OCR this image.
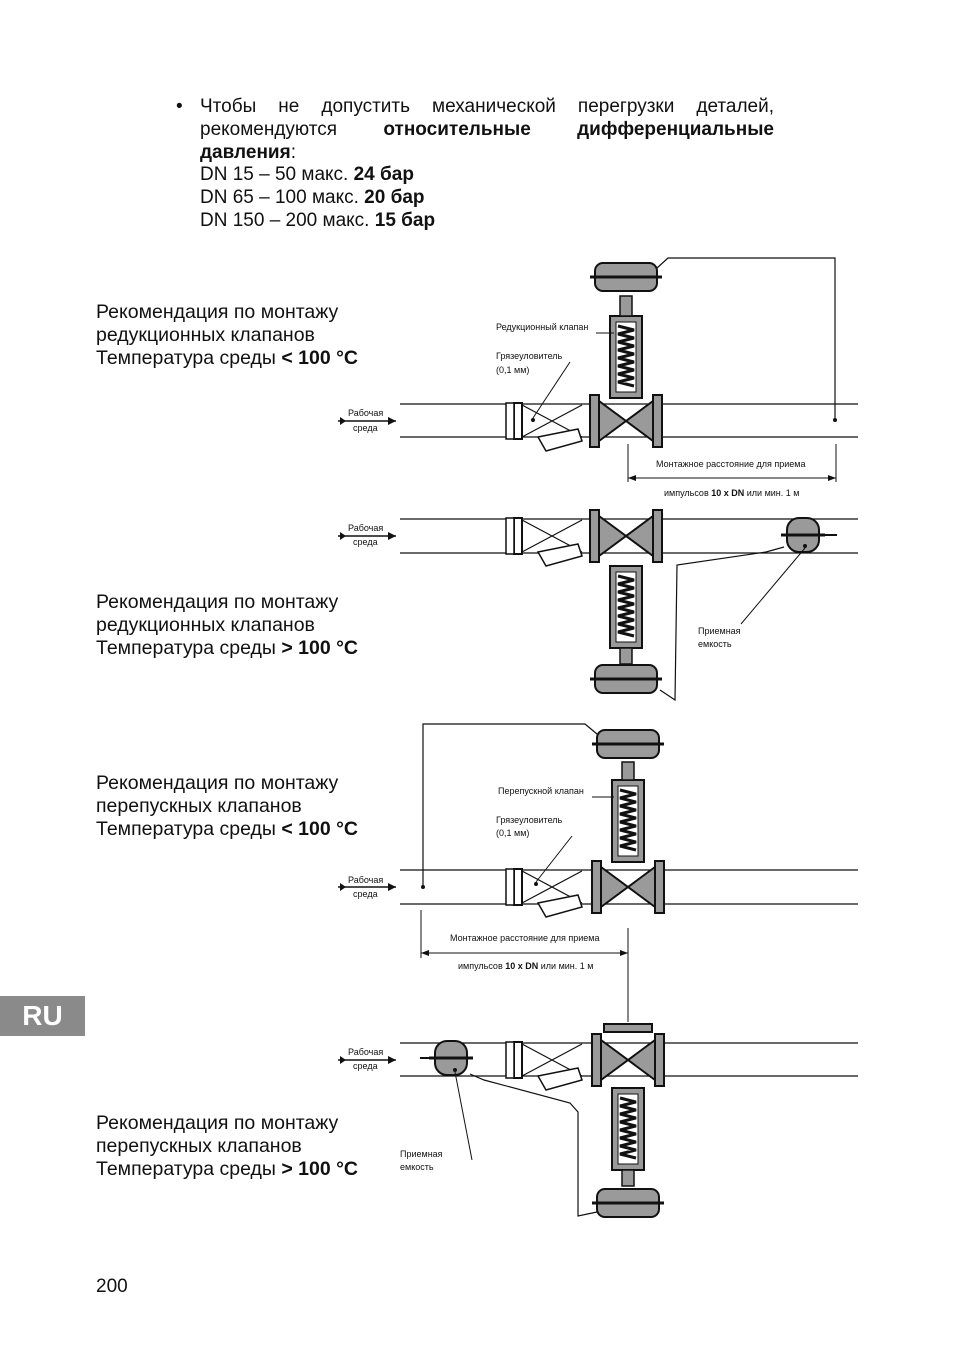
• Чтобы не допустить механической перегрузки деталей, рекомендуются относительные дифференциальные давления:
DN 15 – 50 макс. 24 бар
DN 65 – 100 макс. 20 бар
DN 150 – 200 макс. 15 бар
Рекомендация по монтажу
редукционных клапанов
Температура среды < 100 °C
Рекомендация по монтажу
редукционных клапанов
Температура среды > 100 °C
Рекомендация по монтажу
перепускных клапанов
Температура среды < 100 °C
Рекомендация по монтажу
перепускных клапанов
Температура среды > 100 °C
Редукционный клапан
Грязеуловитель
(0,1 мм)
Рабочая
среда
Монтажное расстояние для приема
импульсов 10 x DN или мин. 1 м
Рабочая
среда
Приемная
емкость
Перепускной клапан
Грязеуловитель
(0,1 мм)
Рабочая
среда
Монтажное расстояние для приема
импульсов 10 x DN или мин. 1 м
Рабочая
среда
Приемная
емкость
RU
200
